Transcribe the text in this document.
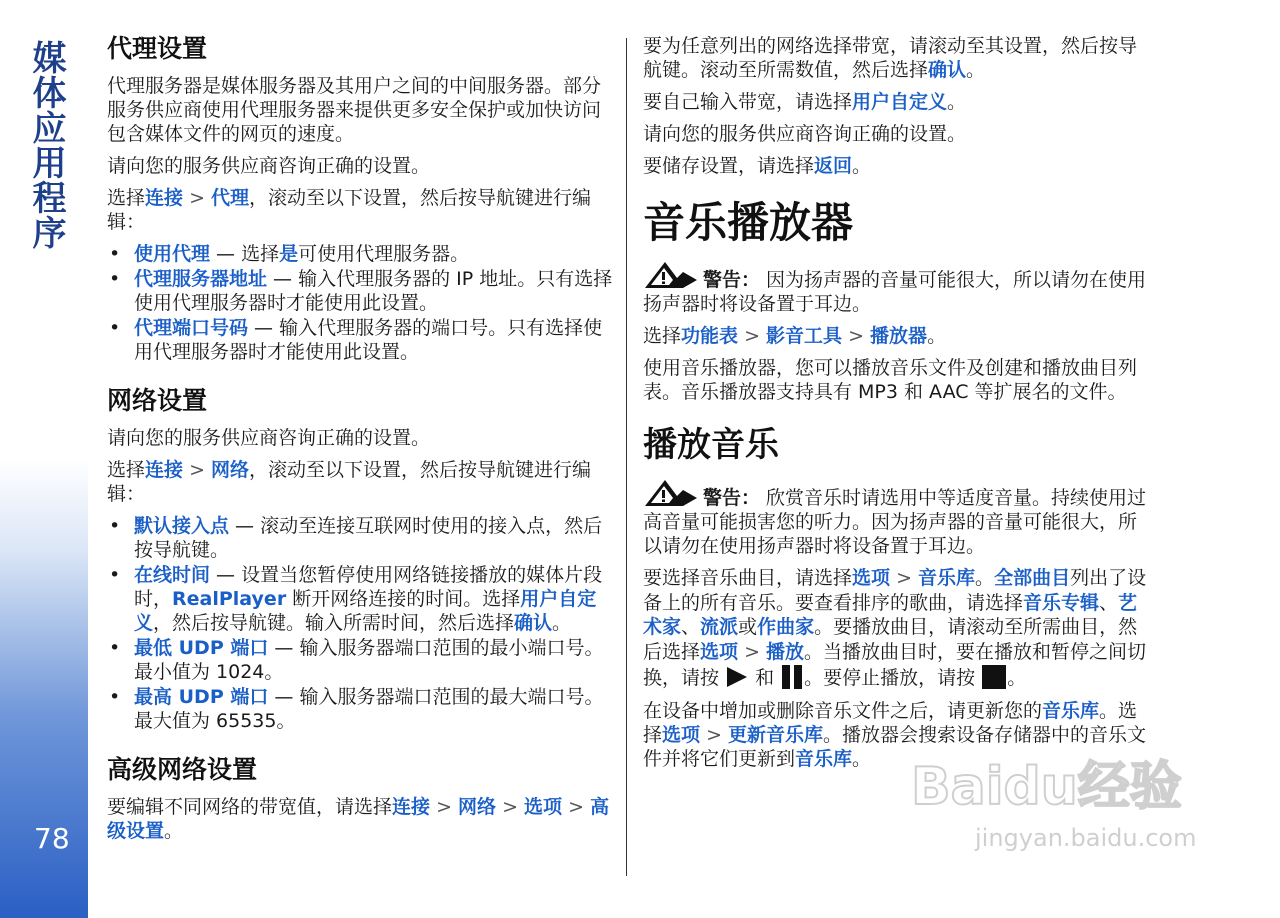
媒体应用程序
78
代理设置

代理服务器是媒体服务器及其用户之间的中间服务器。部分服务供应商使用代理服务器来提供更多安全保护或加快访问包含媒体文件的网页的速度。

请向您的服务供应商咨询正确的设置。

选择连接 > 代理，滚动至以下设置，然后按导航键进行编辑：

• 使用代理 — 选择是可使用代理服务器。
• 代理服务器地址 — 输入代理服务器的 IP 地址。只有选择使用代理服务器时才能使用此设置。
• 代理端口号码 — 输入代理服务器的端口号。只有选择使用代理服务器时才能使用此设置。
网络设置

请向您的服务供应商咨询正确的设置。

选择连接 > 网络，滚动至以下设置，然后按导航键进行编辑：

• 默认接入点 — 滚动至连接互联网时使用的接入点，然后按导航键。
• 在线时间 — 设置当您暂停使用网络链接播放的媒体片段时，RealPlayer 断开网络连接的时间。选择用户自定义，然后按导航键。输入所需时间，然后选择确认。
• 最低 UDP 端口 — 输入服务器端口范围的最小端口号。最小值为 1024。
• 最高 UDP 端口 — 输入服务器端口范围的最大端口号。最大值为 65535。
高级网络设置

要编辑不同网络的带宽值，请选择连接 > 网络 > 选项 > 高级设置。

要为任意列出的网络选择带宽，请滚动至其设置，然后按导航键。滚动至所需数值，然后选择确认。

要自己输入带宽，请选择用户自定义。

请向您的服务供应商咨询正确的设置。

要储存设置，请选择返回。

音乐播放器

警告： 因为扬声器的音量可能很大，所以请勿在使用扬声器时将设备置于耳边。

选择功能表 > 影音工具 > 播放器。

使用音乐播放器，您可以播放音乐文件及创建和播放曲目列表。音乐播放器支持具有 MP3 和 AAC 等扩展名的文件。

播放音乐

警告： 欣赏音乐时请选用中等适度音量。持续使用过高音量可能损害您的听力。因为扬声器的音量可能很大，所以请勿在使用扬声器时将设备置于耳边。

要选择音乐曲目，请选择选项 > 音乐库。全部曲目列出了设备上的所有音乐。要查看排序的歌曲，请选择音乐专辑、艺术家、流派或作曲家。要播放曲目，请滚动至所需曲目，然后选择选项 > 播放。当播放曲目时，要在播放和暂停之间切换，请按  和 。要停止播放，请按 。

在设备中增加或删除音乐文件之后，请更新您的音乐库。选择选项 > 更新音乐库。播放器会搜索设备存储器中的音乐文件并将它们更新到音乐库。 Baidu经验
jingyan.baidu.com
